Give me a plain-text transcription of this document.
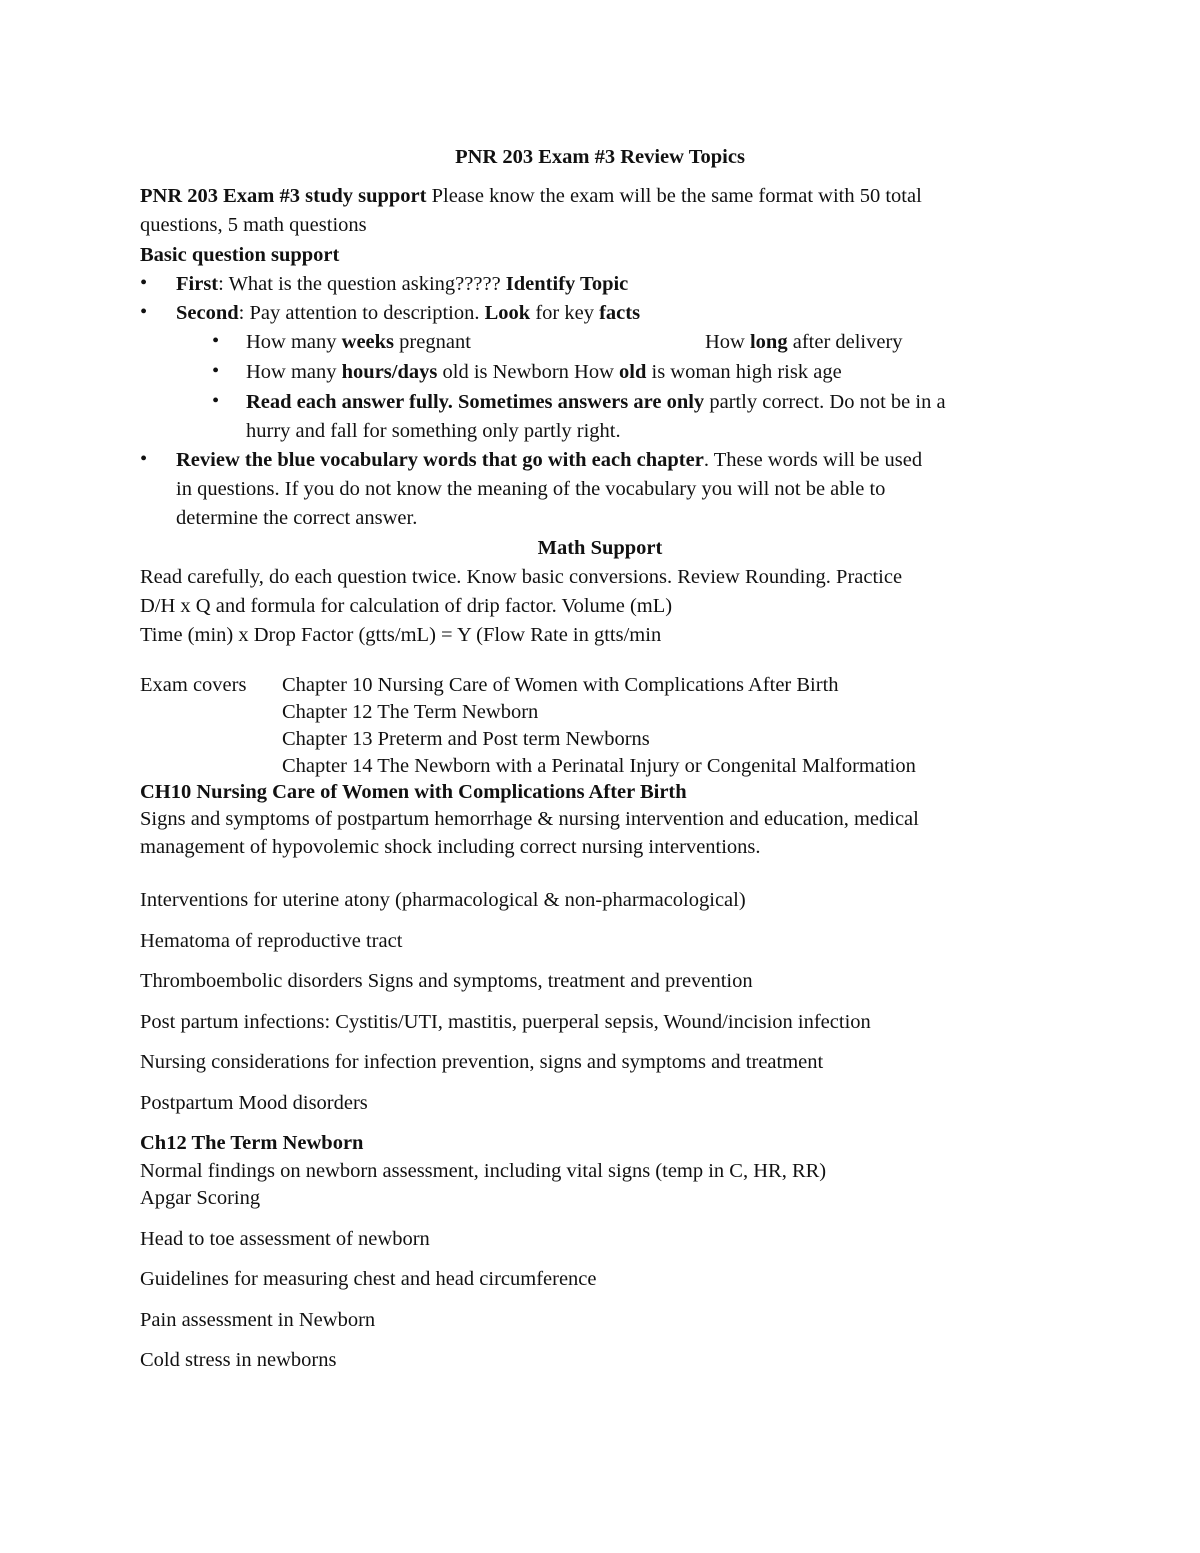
PNR 203 Exam #3 Review Topics
PNR 203 Exam #3 study support Please know the exam will be the same format with 50 total
questions, 5 math questions
Basic question support
• First: What is the question asking????? Identify Topic
• Second: Pay attention to description. Look for key facts
• How many weeks pregnant	How long after delivery
• How many hours/days old is Newborn How old is woman high risk age
• Read each answer fully. Sometimes answers are only partly correct. Do not be in a
hurry and fall for something only partly right.
• Review the blue vocabulary words that go with each chapter. These words will be used
in questions. If you do not know the meaning of the vocabulary you will not be able to
determine the correct answer.
Math Support
Read carefully, do each question twice. Know basic conversions. Review Rounding. Practice
D/H x Q and formula for calculation of drip factor. Volume (mL)
Time (min) x Drop Factor (gtts/mL) = Y (Flow Rate in gtts/min
Exam covers Chapter 10 Nursing Care of Women with Complications After Birth
Chapter 12 The Term Newborn
Chapter 13 Preterm and Post term Newborns
Chapter 14 The Newborn with a Perinatal Injury or Congenital Malformation
CH10 Nursing Care of Women with Complications After Birth
Signs and symptoms of postpartum hemorrhage & nursing intervention and education, medical
management of hypovolemic shock including correct nursing interventions.
Interventions for uterine atony (pharmacological & non-pharmacological)
Hematoma of reproductive tract
Thromboembolic disorders Signs and symptoms, treatment and prevention
Post partum infections: Cystitis/UTI, mastitis, puerperal sepsis, Wound/incision infection
Nursing considerations for infection prevention, signs and symptoms and treatment
Postpartum Mood disorders
Ch12 The Term Newborn
Normal findings on newborn assessment, including vital signs (temp in C, HR, RR)
Apgar Scoring
Head to toe assessment of newborn
Guidelines for measuring chest and head circumference
Pain assessment in Newborn
Cold stress in newborns
